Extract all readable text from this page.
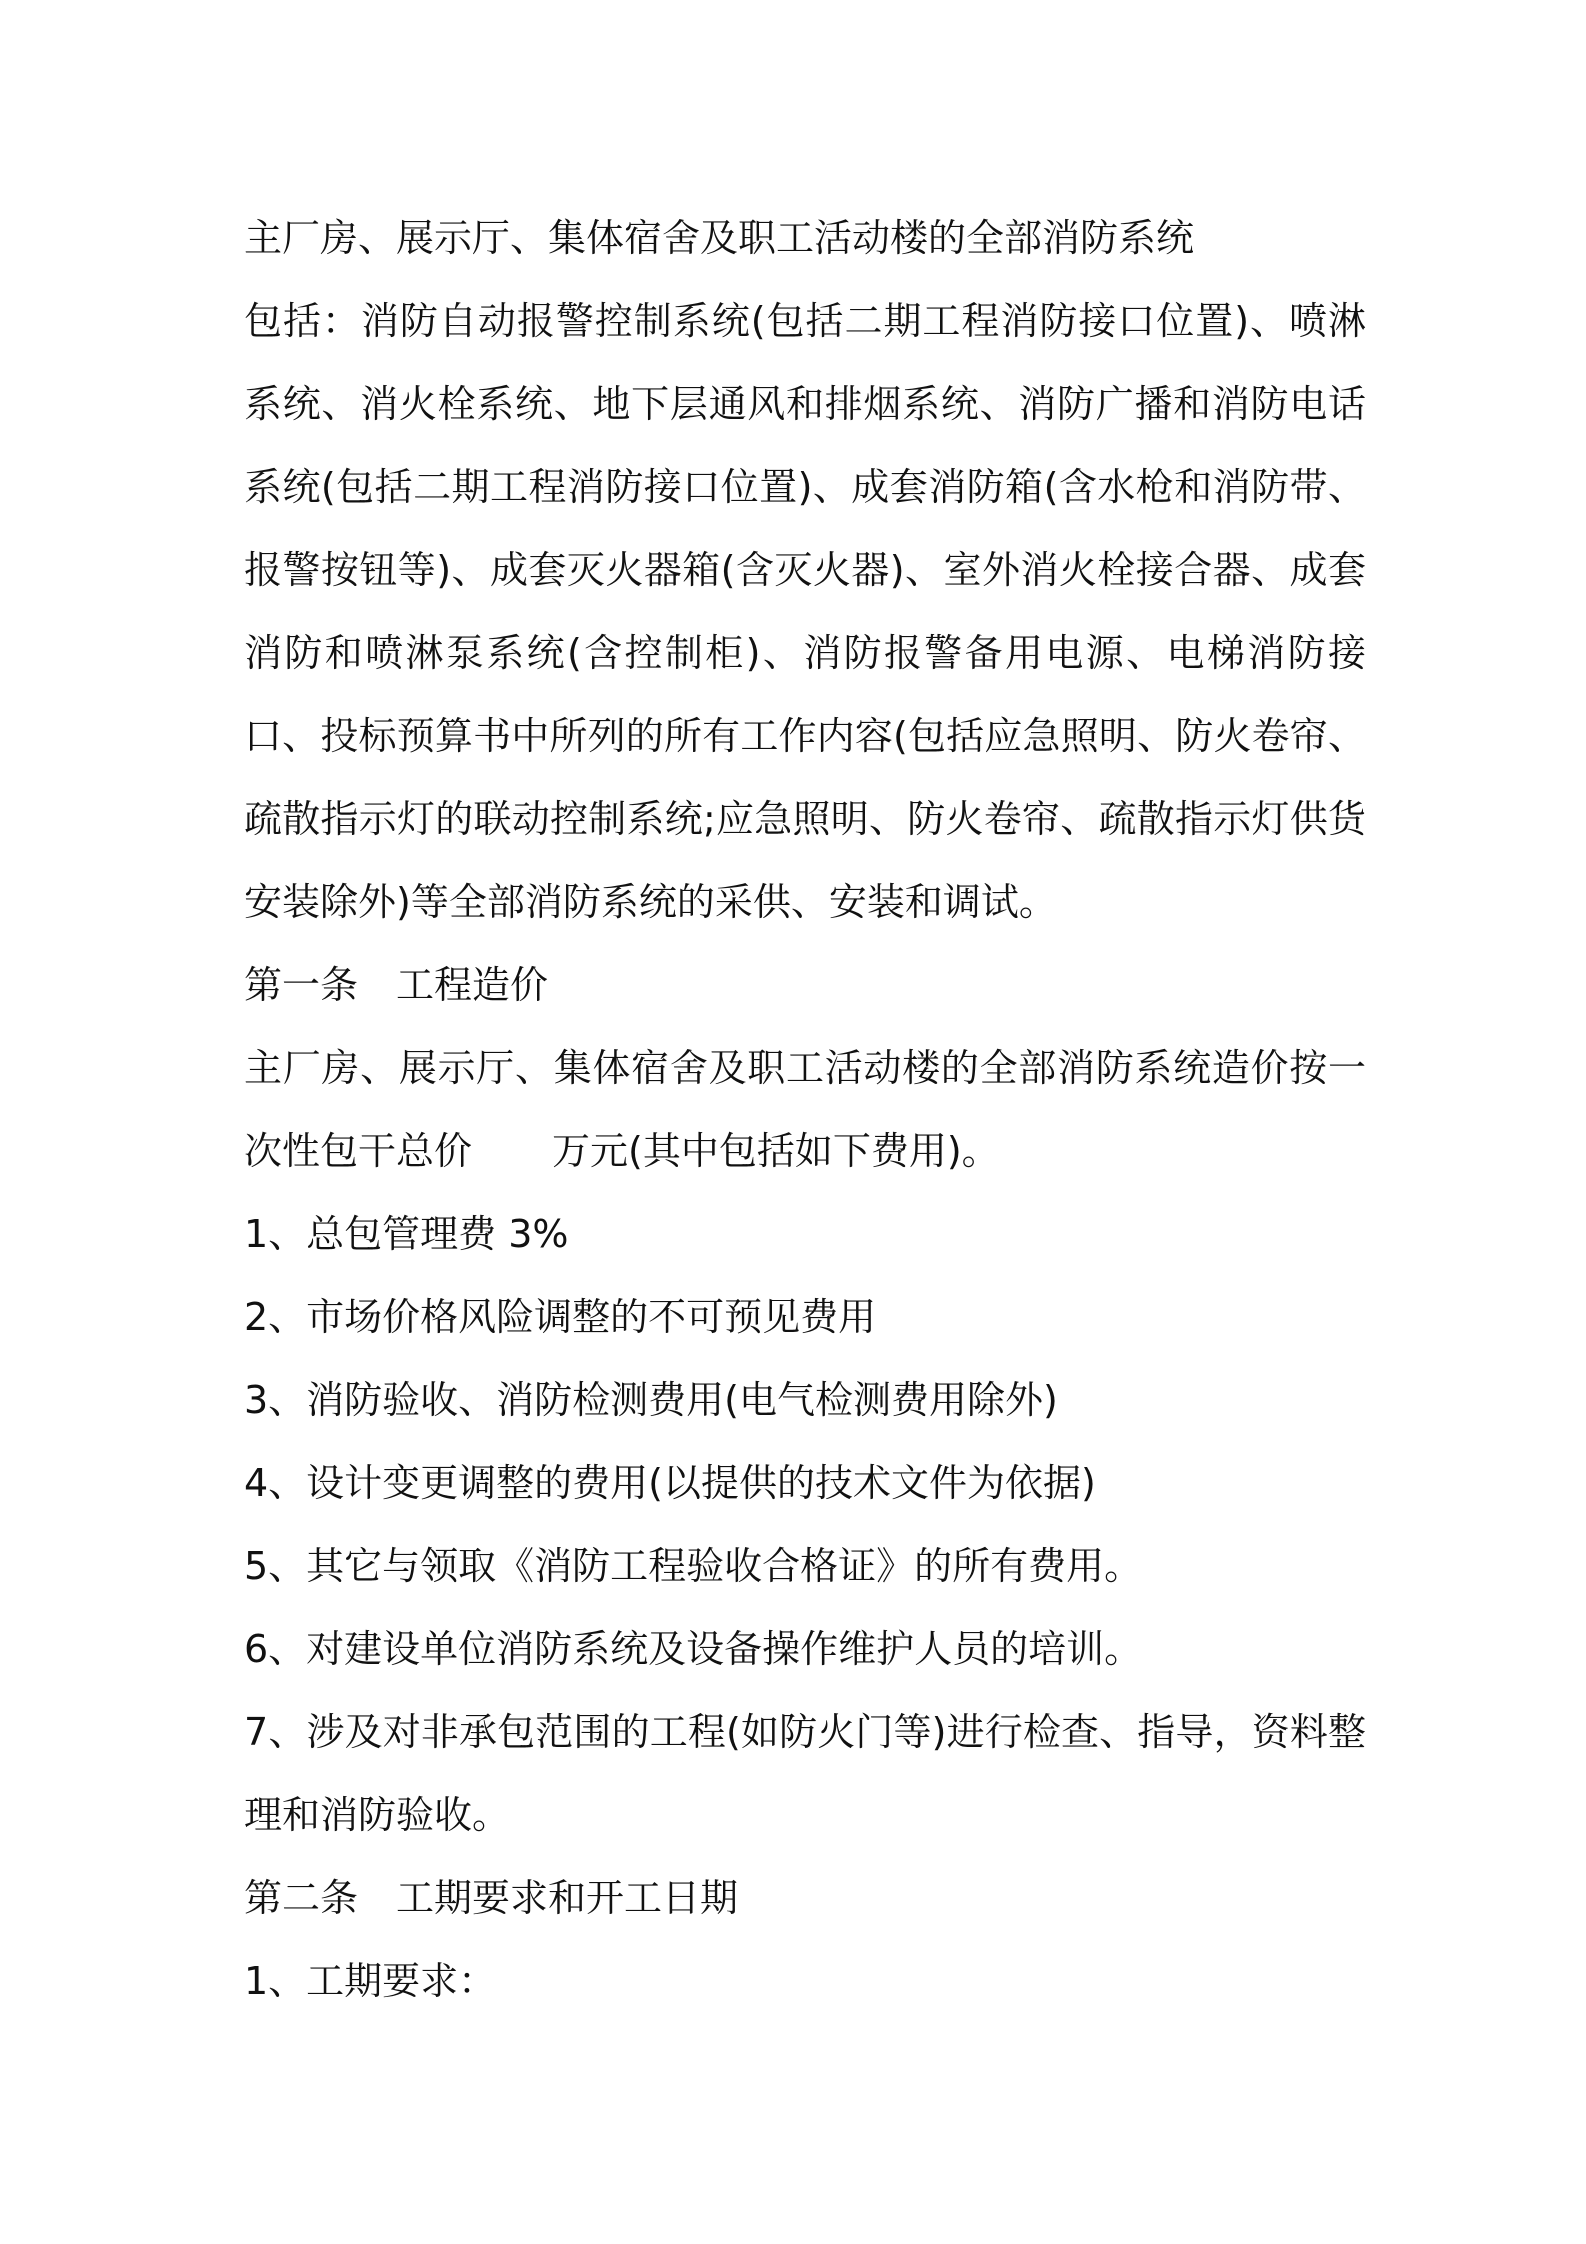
主厂房、展示厅、集体宿舍及职工活动楼的全部消防系统

包括：消防自动报警控制系统(包括二期工程消防接口位置)、喷淋系统、消火栓系统、地下层通风和排烟系统、消防广播和消防电话系统(包括二期工程消防接口位置)、成套消防箱(含水枪和消防带、报警按钮等)、成套灭火器箱(含灭火器)、室外消火栓接合器、成套消防和喷淋泵系统(含控制柜)、消防报警备用电源、电梯消防接口、投标预算书中所列的所有工作内容(包括应急照明、防火卷帘、疏散指示灯的联动控制系统;应急照明、防火卷帘、疏散指示灯供货安装除外)等全部消防系统的采供、安装和调试。

第一条 工程造价

主厂房、展示厅、集体宿舍及职工活动楼的全部消防系统造价按一次性包干总价 万元(其中包括如下费用)。

1、总包管理费 3%

2、市场价格风险调整的不可预见费用

3、消防验收、消防检测费用(电气检测费用除外)

4、设计变更调整的费用(以提供的技术文件为依据)

5、其它与领取《消防工程验收合格证》的所有费用。

6、对建设单位消防系统及设备操作维护人员的培训。

7、涉及对非承包范围的工程(如防火门等)进行检查、指导，资料整理和消防验收。

第二条 工期要求和开工日期

1、工期要求：
